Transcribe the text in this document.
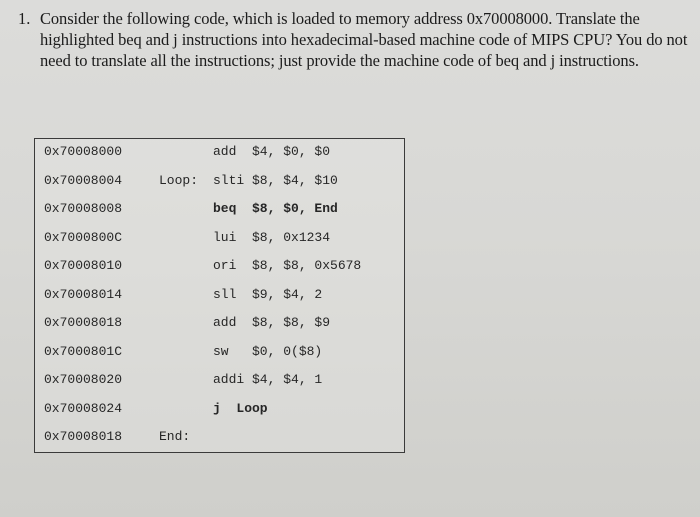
1. Consider the following code, which is loaded to memory address 0x70008000. Translate the highlighted beq and j instructions into hexadecimal-based machine code of MIPS CPU? You do not need to translate all the instructions; just provide the machine code of beq and j instructions.
0x70008000	add  $4, $0, $0
0x70008004	Loop: slti $8, $4, $10
0x70008008	beq  $8, $0, End
0x7000800C	lui  $8, 0x1234
0x70008010	ori  $8, $8, 0x5678
0x70008014	sll  $9, $4, 2
0x70008018	add  $8, $8, $9
0x7000801C	sw   $0, 0($8)
0x70008020	addi $4, $4, 1
0x70008024	j  Loop
0x70008018	End:
